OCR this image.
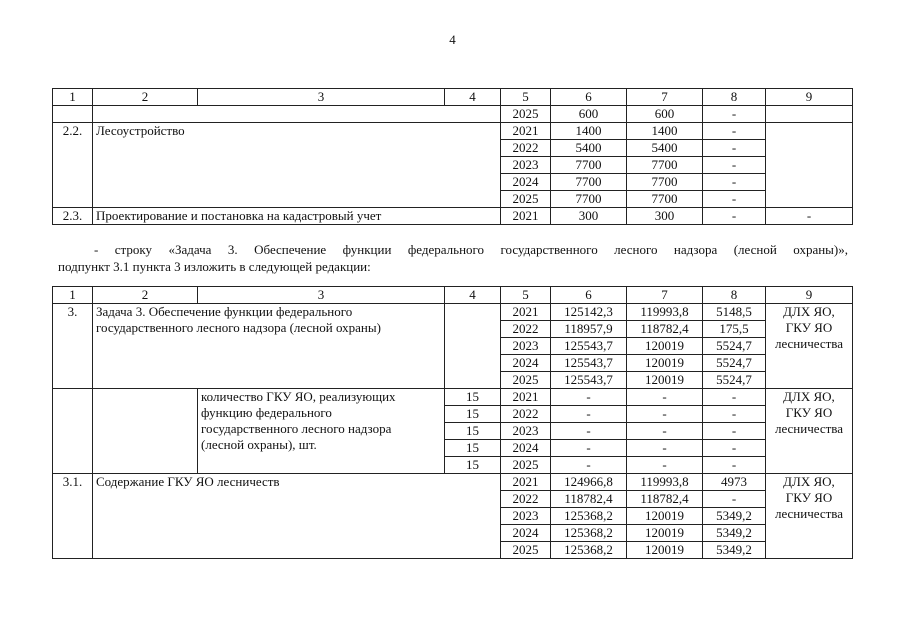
4
1	2	3	4	5	6	7	8	9
				2025	600	600	-	
2.2.	Лесоустройство			2021	1400	1400	-	
				2022	5400	5400	-	
				2023	7700	7700	-	
				2024	7700	7700	-	
				2025	7700	7700	-	
2.3.	Проектирование и постановка на кадастровый учет			2021	300	300	-	-
- строку «Задача 3. Обеспечение функции федерального государственного лесного надзора (лесной охраны)»,
подпункт 3.1 пункта 3 изложить в следующей редакции:
1	2	3	4	5	6	7	8	9
3.	Задача 3. Обеспечение функции федерального
государственного лесного надзора (лесной охраны)			2021	125142,3	119993,8	5148,5	ДЛХ ЯО,
ГКУ ЯО
лесничества

				2022	118957,9	118782,4	175,5	
				2023	125543,7	120019	5524,7	
				2024	125543,7	120019	5524,7	
				2025	125543,7	120019	5524,7	

		количество ГКУ ЯО, реализующих
функцию федерального
государственного лесного надзора
(лесной охраны), шт.	15	2021	-	-	-	ДЛХ ЯО,
ГКУ ЯО
лесничества

			15	2022	-	-	-	
			15	2023	-	-	-	
			15	2024	-	-	-	
			15	2025	-	-	-	
3.1.	Содержание ГКУ ЯО лесничеств			2021	124966,8	119993,8	4973	ДЛХ ЯО,
ГКУ ЯО
лесничества

				2022	118782,4	118782,4	-	
				2023	125368,2	120019	5349,2	
				2024	125368,2	120019	5349,2	
				2025	125368,2	120019	5349,2	
